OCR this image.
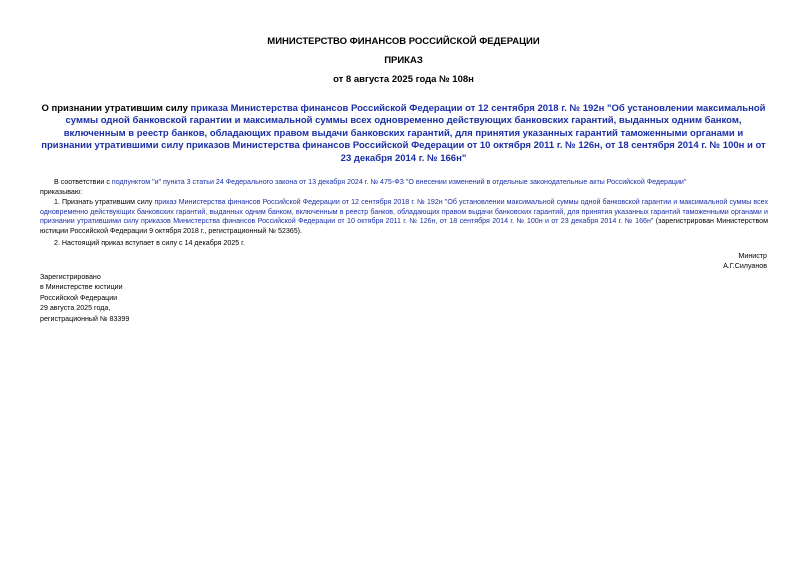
МИНИСТЕРСТВО ФИНАНСОВ РОССИЙСКОЙ ФЕДЕРАЦИИ
ПРИКАЗ
от 8 августа 2025 года № 108н
О признании утратившим силу приказа Министерства финансов Российской Федерации от 12 сентября 2018 г. № 192н "Об установлении максимальной суммы одной банковской гарантии и максимальной суммы всех одновременно действующих банковских гарантий, выданных одним банком, включенным в реестр банков, обладающих правом выдачи банковских гарантий, для принятия указанных гарантий таможенными органами и признании утратившими силу приказов Министерства финансов Российской Федерации от 10 октября 2011 г. № 126н, от 18 сентября 2014 г. № 100н и от 23 декабря 2014 г. № 166н"
В соответствии с подпунктом "и" пункта 3 статьи 24 Федерального закона от 13 декабря 2024 г. № 475-ФЗ "О внесении изменений в отдельные законодательные акты Российской Федерации"
приказываю:
1. Признать утратившим силу приказ Министерства финансов Российской Федерации от 12 сентября 2018 г. № 192н "Об установлении максимальной суммы одной банковской гарантии и максимальной суммы всех одновременно действующих банковских гарантий, выданных одним банком, включенным в реестр банков, обладающих правом выдачи банковских гарантий, для принятия указанных гарантий таможенными органами и признании утратившими силу приказов Министерства финансов Российской Федерации от 10 октября 2011 г. № 126н, от 18 сентября 2014 г. № 100н и от 23 декабря 2014 г. № 166н" (зарегистрирован Министерством юстиции Российской Федерации 9 октября 2018 г., регистрационный № 52365).
2. Настоящий приказ вступает в силу с 14 декабря 2025 г.
Министр
А.Г.Силуанов
Зарегистрировано
в Министерстве юстиции
Российской Федерации
29 августа 2025 года,
регистрационный № 83399
